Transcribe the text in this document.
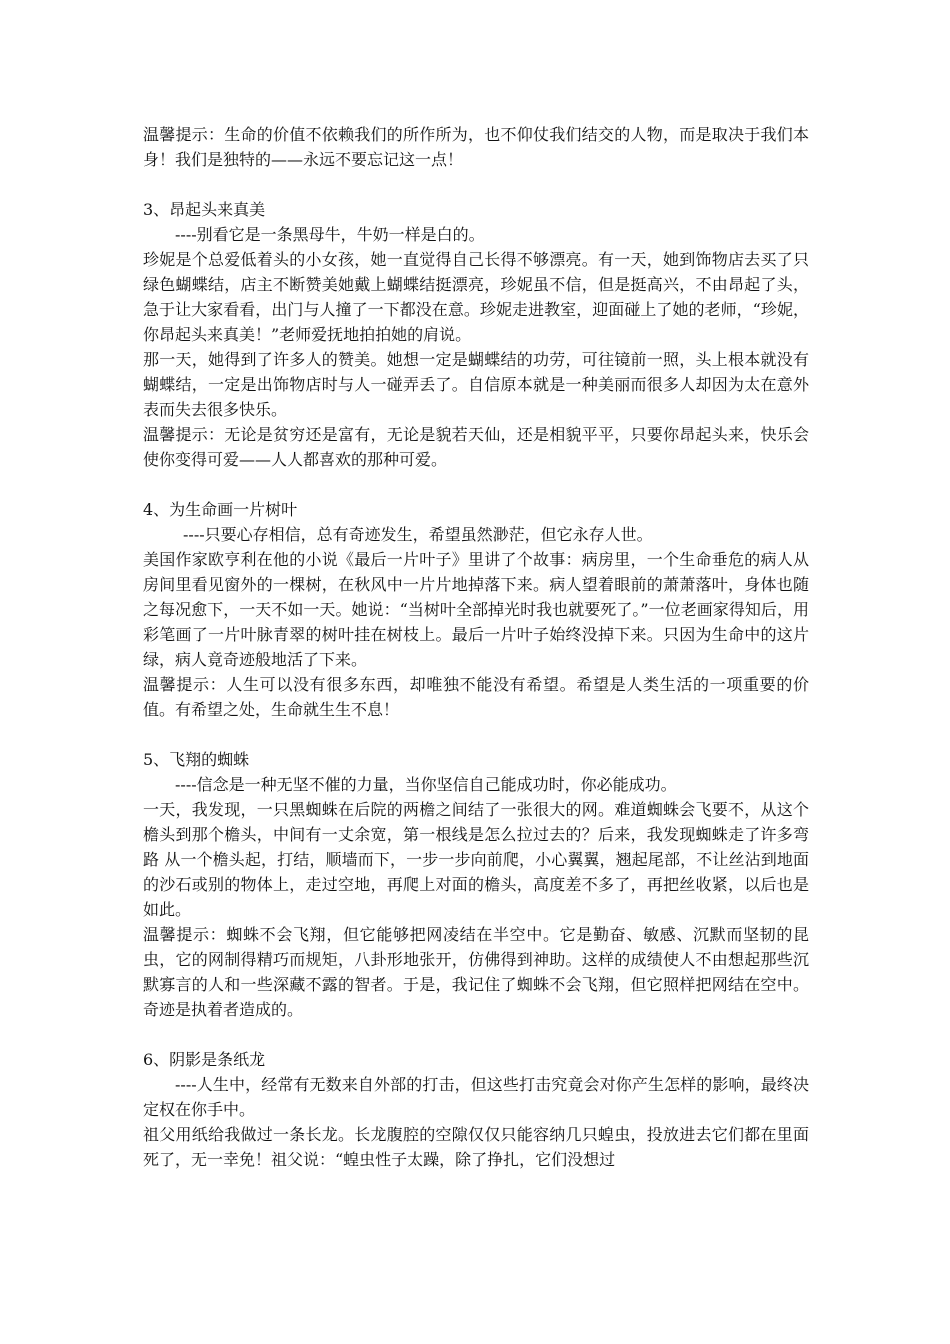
温馨提示：生命的价值不依赖我们的所作所为，也不仰仗我们结交的人物，而是取决于我们本身！我们是独特的——永远不要忘记这一点！

3、昂起头来真美

----别看它是一条黑母牛，牛奶一样是白的。

珍妮是个总爱低着头的小女孩，她一直觉得自己长得不够漂亮。有一天，她到饰物店去买了只绿色蝴蝶结，店主不断赞美她戴上蝴蝶结挺漂亮，珍妮虽不信，但是挺高兴，不由昂起了头，急于让大家看看，出门与人撞了一下都没在意。珍妮走进教室，迎面碰上了她的老师，“珍妮，你昂起头来真美！”老师爱抚地拍拍她的肩说。

那一天，她得到了许多人的赞美。她想一定是蝴蝶结的功劳，可往镜前一照，头上根本就没有蝴蝶结，一定是出饰物店时与人一碰弄丢了。自信原本就是一种美丽而很多人却因为太在意外表而失去很多快乐。

温馨提示：无论是贫穷还是富有，无论是貌若天仙，还是相貌平平，只要你昂起头来，快乐会使你变得可爱——人人都喜欢的那种可爱。

4、为生命画一片树叶

----只要心存相信，总有奇迹发生，希望虽然渺茫，但它永存人世。

美国作家欧亨利在他的小说《最后一片叶子》里讲了个故事：病房里，一个生命垂危的病人从房间里看见窗外的一棵树，在秋风中一片片地掉落下来。病人望着眼前的萧萧落叶，身体也随之每况愈下，一天不如一天。她说：“当树叶全部掉光时我也就要死了。”一位老画家得知后，用彩笔画了一片叶脉青翠的树叶挂在树枝上。最后一片叶子始终没掉下来。只因为生命中的这片绿，病人竟奇迹般地活了下来。

温馨提示：人生可以没有很多东西，却唯独不能没有希望。希望是人类生活的一项重要的价值。有希望之处，生命就生生不息！

5、飞翔的蜘蛛

----信念是一种无坚不催的力量，当你坚信自己能成功时，你必能成功。

一天，我发现，一只黑蜘蛛在后院的两檐之间结了一张很大的网。难道蜘蛛会飞要不，从这个檐头到那个檐头，中间有一丈余宽，第一根线是怎么拉过去的？后来，我发现蜘蛛走了许多弯路 从一个檐头起，打结，顺墙而下，一步一步向前爬，小心翼翼，翘起尾部，不让丝沾到地面的沙石或别的物体上，走过空地，再爬上对面的檐头，高度差不多了，再把丝收紧，以后也是如此。

温馨提示：蜘蛛不会飞翔，但它能够把网凌结在半空中。它是勤奋、敏感、沉默而坚韧的昆虫，它的网制得精巧而规矩，八卦形地张开，仿佛得到神助。这样的成绩使人不由想起那些沉默寡言的人和一些深藏不露的智者。于是，我记住了蜘蛛不会飞翔，但它照样把网结在空中。奇迹是执着者造成的。

6、阴影是条纸龙

----人生中，经常有无数来自外部的打击，但这些打击究竟会对你产生怎样的影响，最终决定权在你手中。

祖父用纸给我做过一条长龙。长龙腹腔的空隙仅仅只能容纳几只蝗虫，投放进去它们都在里面死了，无一幸免！祖父说：“蝗虫性子太躁，除了挣扎，它们没想过
